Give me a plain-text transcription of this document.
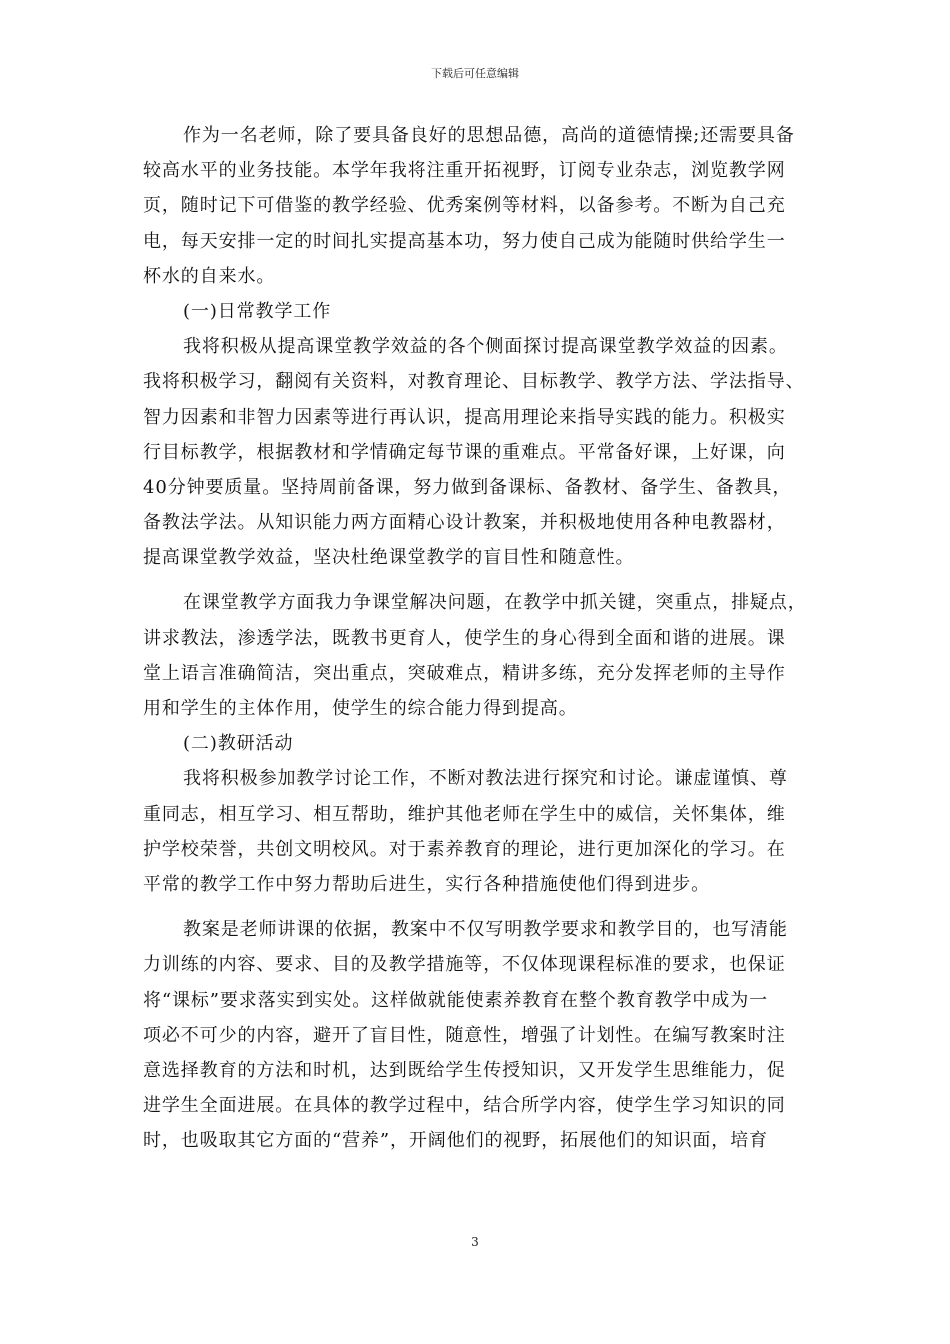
下载后可任意编辑
作为一名老师，除了要具备良好的思想品德，高尚的道德情操;还需要具备
较高水平的业务技能。本学年我将注重开拓视野，订阅专业杂志，浏览教学网
页，随时记下可借鉴的教学经验、优秀案例等材料，以备参考。不断为自己充
电，每天安排一定的时间扎实提高基本功，努力使自己成为能随时供给学生一
杯水的自来水。
(一)日常教学工作
我将积极从提高课堂教学效益的各个侧面探讨提高课堂教学效益的因素。
我将积极学习，翻阅有关资料，对教育理论、目标教学、教学方法、学法指导、
智力因素和非智力因素等进行再认识，提高用理论来指导实践的能力。积极实
行目标教学，根据教材和学情确定每节课的重难点。平常备好课，上好课，向
40分钟要质量。坚持周前备课，努力做到备课标、备教材、备学生、备教具，
备教法学法。从知识能力两方面精心设计教案，并积极地使用各种电教器材，
提高课堂教学效益，坚决杜绝课堂教学的盲目性和随意性。
在课堂教学方面我力争课堂解决问题，在教学中抓关键，突重点，排疑点，
讲求教法，渗透学法，既教书更育人，使学生的身心得到全面和谐的进展。课
堂上语言准确简洁，突出重点，突破难点，精讲多练，充分发挥老师的主导作
用和学生的主体作用，使学生的综合能力得到提高。
(二)教研活动
我将积极参加教学讨论工作，不断对教法进行探究和讨论。谦虚谨慎、尊
重同志，相互学习、相互帮助，维护其他老师在学生中的威信，关怀集体，维
护学校荣誉，共创文明校风。对于素养教育的理论，进行更加深化的学习。在
平常的教学工作中努力帮助后进生，实行各种措施使他们得到进步。
教案是老师讲课的依据，教案中不仅写明教学要求和教学目的，也写清能
力训练的内容、要求、目的及教学措施等，不仅体现课程标准的要求，也保证
将“课标”要求落实到实处。这样做就能使素养教育在整个教育教学中成为一
项必不可少的内容，避开了盲目性，随意性，增强了计划性。在编写教案时注
意选择教育的方法和时机，达到既给学生传授知识，又开发学生思维能力，促
进学生全面进展。在具体的教学过程中，结合所学内容，使学生学习知识的同
时，也吸取其它方面的“营养”，开阔他们的视野，拓展他们的知识面，培育
3
